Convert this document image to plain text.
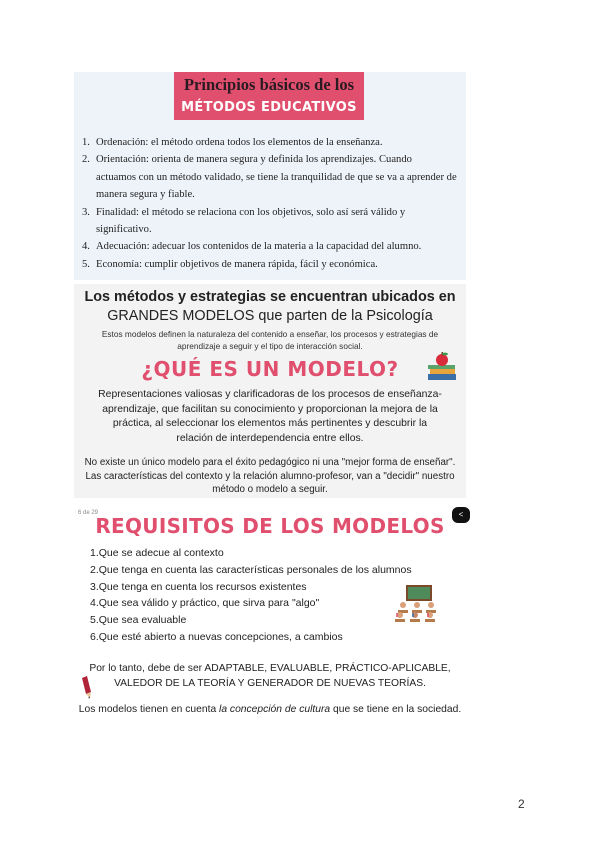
Principios básicos de los
MÉTODOS EDUCATIVOS
1. Ordenación: el método ordena todos los elementos de la enseñanza.
2. Orientación: orienta de manera segura y definida los aprendizajes. Cuando
actuamos con un método validado, se tiene la tranquilidad de que se va a aprender de manera segura y fiable.
3. Finalidad: el método se relaciona con los objetivos, solo así será válido y
significativo.
4. Adecuación: adecuar los contenidos de la materia a la capacidad del alumno.
5. Economía: cumplir objetivos de manera rápida, fácil y económica.
Los métodos y estrategias se encuentran ubicados en
GRANDES MODELOS que parten de la Psicología
Estos modelos definen la naturaleza del contenido a enseñar, los procesos y estrategias de aprendizaje a seguir y el tipo de interacción social.
¿QUÉ ES UN MODELO?
Representaciones valiosas y clarificadoras de los procesos de enseñanza-aprendizaje, que facilitan su conocimiento y proporcionan la mejora de la práctica, al seleccionar los elementos más pertinentes y descubrir la relación de interdependencia entre ellos.
No existe un único modelo para el éxito pedagógico ni una "mejor forma de enseñar". Las características del contexto y la relación alumno-profesor, van a "decidir" nuestro método o modelo a seguir.
6 de 29	<
REQUISITOS DE LOS MODELOS
1.Que se adecue al contexto
2.Que tenga en cuenta las características personales de los alumnos
3.Que tenga en cuenta los recursos existentes
4.Que sea válido y práctico, que sirva para "algo"
5.Que sea evaluable
6.Que esté abierto a nuevas concepciones, a cambios
Por lo tanto, debe de ser ADAPTABLE, EVALUABLE, PRÁCTICO-APLICABLE, VALEDOR DE LA TEORÍA Y GENERADOR DE NUEVAS TEORÍAS.
Los modelos tienen en cuenta la concepción de cultura que se tiene en la sociedad.
2
